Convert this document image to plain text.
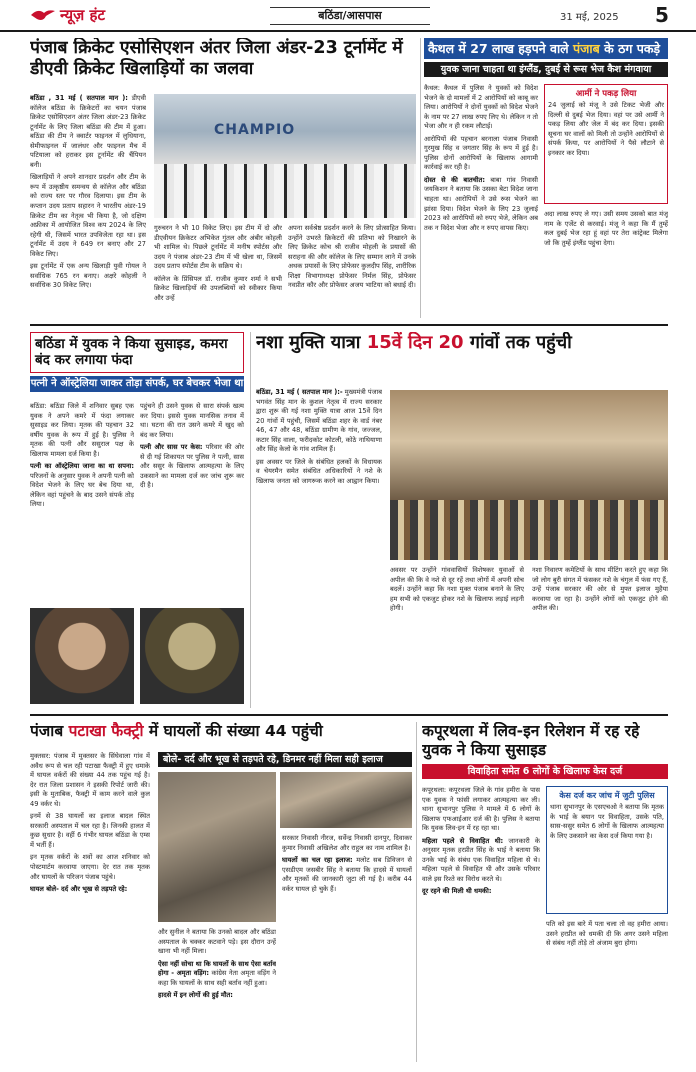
न्यूज़ हंट	बठिंडा/आसपास	31 मई, 2025 5
पंजाब क्रिकेट एसोसिएशन अंतर जिला अंडर-23 टूर्नामेंट में डीएवी क्रिकेट खिलाड़ियों का जलवा

बठिंडा , 31 मई ( सतपाल मान ): डीएवी कॉलेज बठिंडा के क्रिकेटरों का चयन पंजाब क्रिकेट एसोसिएशन अंतर जिला अंडर-23 क्रिकेट टूर्नामेंट के लिए जिला बठिंडा की टीम में हुआ। बठिंडा की टीम ने क्वार्टर फाइनल में लुधियाना, सेमीफाइनल में जालंधर और फाइनल मैच में पटियाला को हराकर इस टूर्नामेंट की चैंपियन बनी।

खिलाड़ियों ने अपने शानदार प्रदर्शन और टीम के रूप में उत्कृष्ठीय समन्वय से कॉलेज और बठिंडा को राज्य स्तर पर गौरव दिलाया। इस टीम के कप्तान उदय प्रताप सहारन ने भारतीय अंडर-19 क्रिकेट टीम का नेतृत्व भी किया है, जो दक्षिण अफ्रीका में आयोजित विश्व कप 2024 के लिए रहेगी थी, जिसमें भारत उपविजेता रहा था। इस टूर्नामेंट में उदय ने 649 रन बनाए और 27 विकेट लिए।

इस टूर्नामेंट में एक अन्य खिलाड़ी युवी गोयल ने सर्वाधिक 765 रन बनाए। अक्षरे कोहली ने सर्वाधिक 30 विकेट लिए।

CHAMPIO

गुरुचरन ने भी 10 विकेट लिए। इस टीम में दो और डीएवीयन क्रिकेटर अभिकेत गुंतल और अंबीर कोहली भी शामिल थे। पिछले टूर्नामेंट में मनीष स्पोर्टस और उदय ने पंजाब अंडर-23 टीम में भी खेला था, जिसमें उदय प्रताप स्पोर्टस टीम के सक्रिय थे।

कॉलेज के प्रिंसिपल डॉ. राजीव कुमार शर्मा ने सभी क्रिकेट खिलाड़ियों की उपलब्धियों को स्वीकार किया और उन्हें

अपना सर्वश्रेष्ठ प्रदर्शन करने के लिए प्रोत्साहित किया। उन्होंने उभरते क्रिकेटरों की प्रतिभा को निखारने के लिए क्रिकेट कोच श्री राजीव मोहली के प्रयासों की सराहना की और कॉलेज के लिए सम्मान लाने में उनके अथक प्रयासों के लिए प्रोफेसर कुलदीप सिंह, शारीरिक शिक्षा विभागाध्यक्ष प्रोफेसर निर्मल सिंह, प्रोफेसर नवप्रीत कौर और प्रोफेसर अजय भाटिया को बधाई दी।

कैथल में 27 लाख हड़पने वाले पंजाब के ठग पकड़े
युवक जाना चाहता था इंग्लैंड, दुबई से रूस भेज कैश मंगवाया

कैथल: कैथल में पुलिस ने युवकों को विदेश भेजने के दो मामलों में 2 आरोपियों को काबू कर लिया। आरोपियों ने दोनों युवकों को विदेश भेजने के नाम पर 27 लाख रुपए लिए थे। लेकिन न तो भेजा और न ही रकम लौटाई।

आरोपियों की पहचान बरनाला पंजाब निवासी गुरमुख सिंह व जगतार सिंह के रूप में हुई है। पुलिस दोनों आरोपियों के खिलाफ आगामी कार्रवाई कर रही है।

दोस्त से की बातचीत: बाबा गांव निवासी जयकिशन ने बताया कि उसका बेटा विदेश जाना चाहता था। आरोपियों ने उसे रूस भेजने का झांसा दिया। विदेश भेजने के लिए 23 जुलाई 2023 को आरोपियों को रुपए भेजे, लेकिन अब तक न विदेश भेजा और न रुपए वापस किए।

आर्मी ने पकड़ लिया
24 जुलाई को मंजू ने उसे टिकट भेजी और दिल्ली से दुबई भेज दिया। वहां पर उसे आर्मी ने पकड़ लिया और जेल में बंद कर दिया। इसकी सूचना घर वालों को मिली तो उन्होंने आरोपियों से संपर्क किया, पर आरोपियों ने पैसे लौटाने से इनकार कर दिया।

अदा लाख रुपए ले गए। उसी समय उसको बात मंजू नाम के एजेंट से करवाई। मंजू ने कहा कि मैं तुम्हें कल दुबई भेज रहा हूं वहां पर तेरा कांट्रेक्ट मिलेगा जो कि तुम्हें इंग्लैंड पहुंचा देगा।

बठिंडा में युवक ने किया सुसाइड, कमरा बंद कर लगाया फंदा
पत्नी ने ऑस्ट्रेलिया जाकर तोड़ा संपर्क, घर बेचकर भेजा था

बठिंडा: बठिंडा जिले में शनिवार सुबह एक युवक ने अपने कमरे में फंदा लगाकर सुसाइड कर लिया। मृतक की पहचान 32 वर्षीय युवक के रूप में हुई है। पुलिस ने मृतक की पत्नी और ससुराल पक्ष के खिलाफ मामला दर्ज किया है।

पत्नी का ऑस्ट्रेलिया जाना का था सपना: परिजनों के अनुसार युवक ने अपनी पत्नी को विदेश भेजने के लिए घर बेच दिया था, लेकिन वहां पहुंचने के बाद उसने संपर्क तोड़ लिया।

पहुंचने ही उसने युवक से सारा संपर्क खत्म कर दिया। इससे युवक मानसिक तनाव में था। घटना की रात उसने कमरे में खुद को बंद कर लिया।

पत्नी और सास पर केस: परिवार की ओर से दी गई शिकायत पर पुलिस ने पत्नी, सास और ससुर के खिलाफ आत्महत्या के लिए उकसाने का मामला दर्ज कर जांच शुरू कर दी है।

नशा मुक्ति यात्रा 15वें दिन 20 गांवों तक पहुंची

बठिंडा, 31 मई ( सतपाल मान ):- मुख्यमंत्री पंजाब भगवंत सिंह मान के कुशल नेतृत्व में राज्य सरकार द्वारा शुरू की गई नशा मुक्ति यात्रा आज 15वें दिन 20 गांवों में पहुंची, जिसमें बठिंडा शहर के वार्ड नंबर 46, 47 और 48, बठिंडा ग्रामीण के गांव, जज्जल, कटार सिंह वाला, फरीदकोट कोटली, कोठे नाथियाणा और सिंह केलो के गांव शामिल हैं।

इस अवसर पर जिले के संबंधित हलकों के विधायक व चेयरमैन समेत संबंधित अधिकारियों ने नशे के खिलाफ जनता को जागरूक करने का आह्वान किया।

अवसर पर उन्होंने गांववासियों विशेषकर युवाओं से अपील की कि वे नशे से दूर रहें तथा लोगों में अपनी सोच बदलें। उन्होंने कहा कि नशा मुक्त पंजाब बनाने के लिए हम सभी को एकजुट होकर नशे के खिलाफ लड़ाई लड़नी होगी।

नशा निवारण कमेटियों के साथ मीटिंग करते हुए कहा कि जो लोग बुरी संगत में फंसकर नशे के चंगुल में फंस गए हैं, उन्हें पंजाब सरकार की ओर से मुफ्त इलाज मुहैया करवाया जा रहा है। उन्होंने लोगों को एकजुट होने की अपील की।

पंजाब पटाखा फैक्ट्री में घायलों की संख्या 44 पहुंची

मुक्तसर: पंजाब में मुक्तसर के सिंघेवाला गांव में अवैध रूप से चल रही पटाखा फैक्ट्री में हुए धमाके में घायल वर्करों की संख्या 44 तक पहुंच गई है। देर रात जिला प्रशासन ने इसकी रिपोर्ट जारी की। इसी के मुताबिक, फैक्ट्री में काम करने वाले कुल 49 वर्कर थे।

इनमें से 38 घायलों का इलाज बादल स्थित सरकारी अस्पताल में चल रहा है। जिनकी हालत में कुछ सुधार है। वहीं 6 गंभीर घायल बठिंडा के एम्स में भर्ती हैं।

इन मृतक वर्करों के शवों का आज शनिवार को पोस्टमार्टम करवाया जाएगा। देर रात तक मृतक और घायलों के परिजन पंजाब पहुंचे।

घायल बोले- दर्द और भूख से तड़पते रहे:

बोले- दर्द और भूख से तड़पते रहे, डिनमर नहीं मिला सही इलाज

और सुनील ने बताया कि उनको बादल और बठिंडा अस्पताल के चक्कर कटवाने पड़े। इस दौरान उन्हें खाना भी नहीं मिला।

ऐसा नहीं सोचा था कि घायलों के साथ ऐसा बर्ताव होगा - अमृता वड़िंग: कांग्रेस नेता अमृता वड़िंग ने कहा कि घायलों के साथ सही बर्ताव नहीं हुआ।

हादसे में इन लोगों की हुई मौत:

सरकार निवासी नीरज, सर्वेन्द्र निवासी दानपुर, दिवाकर कुमार निवासी अखिलेश और राहुल का नाम शामिल है।

घायलों का चल रहा इलाज: मलोट सब डिविजन से एसडीएम जसबीर सिंह ने बताया कि हादसे में घायलों और मृतकों की जानकारी जुटा ली गई है। करीब 44 वर्कर घायल हो चुके हैं।

कपूरथला में लिव-इन रिलेशन में रह रहे युवक ने किया सुसाइड
विवाहिता समेत 6 लोगों के खिलाफ केस दर्ज

कपूरथला: कपूरथला जिले के गांव हमीरा के पास एक युवक ने फांसी लगाकर आत्महत्या कर ली। थाना सुभानपुर पुलिस ने मामले में 6 लोगों के खिलाफ एफआईआर दर्ज की है। पुलिस ने बताया कि युवक लिव-इन में रह रहा था।

महिला पहले से विवाहित थी: जानकारी के अनुसार मृतक हरप्रीत सिंह के भाई ने बताया कि उनके भाई के संबंध एक विवाहित महिला से थे। महिला पहले से विवाहित थी और उसके परिवार वाले इस रिश्ते का विरोध करते थे।

दूर रहने की मिली थी धमकी:

केस दर्ज कर जांच में जुटी पुलिस
थाना सुभानपुर के एसएचओ ने बताया कि मृतक के भाई के बयान पर विवाहिता, उसके पति, सास-ससुर समेत 6 लोगों के खिलाफ आत्महत्या के लिए उकसाने का केस दर्ज किया गया है।

पति को इस बारे में पता चला तो वह हमीरा आया। उसने हरप्रीत को धमकी दी कि अगर उसने महिला से संबंध नहीं तोड़े तो अंजाम बुरा होगा।
